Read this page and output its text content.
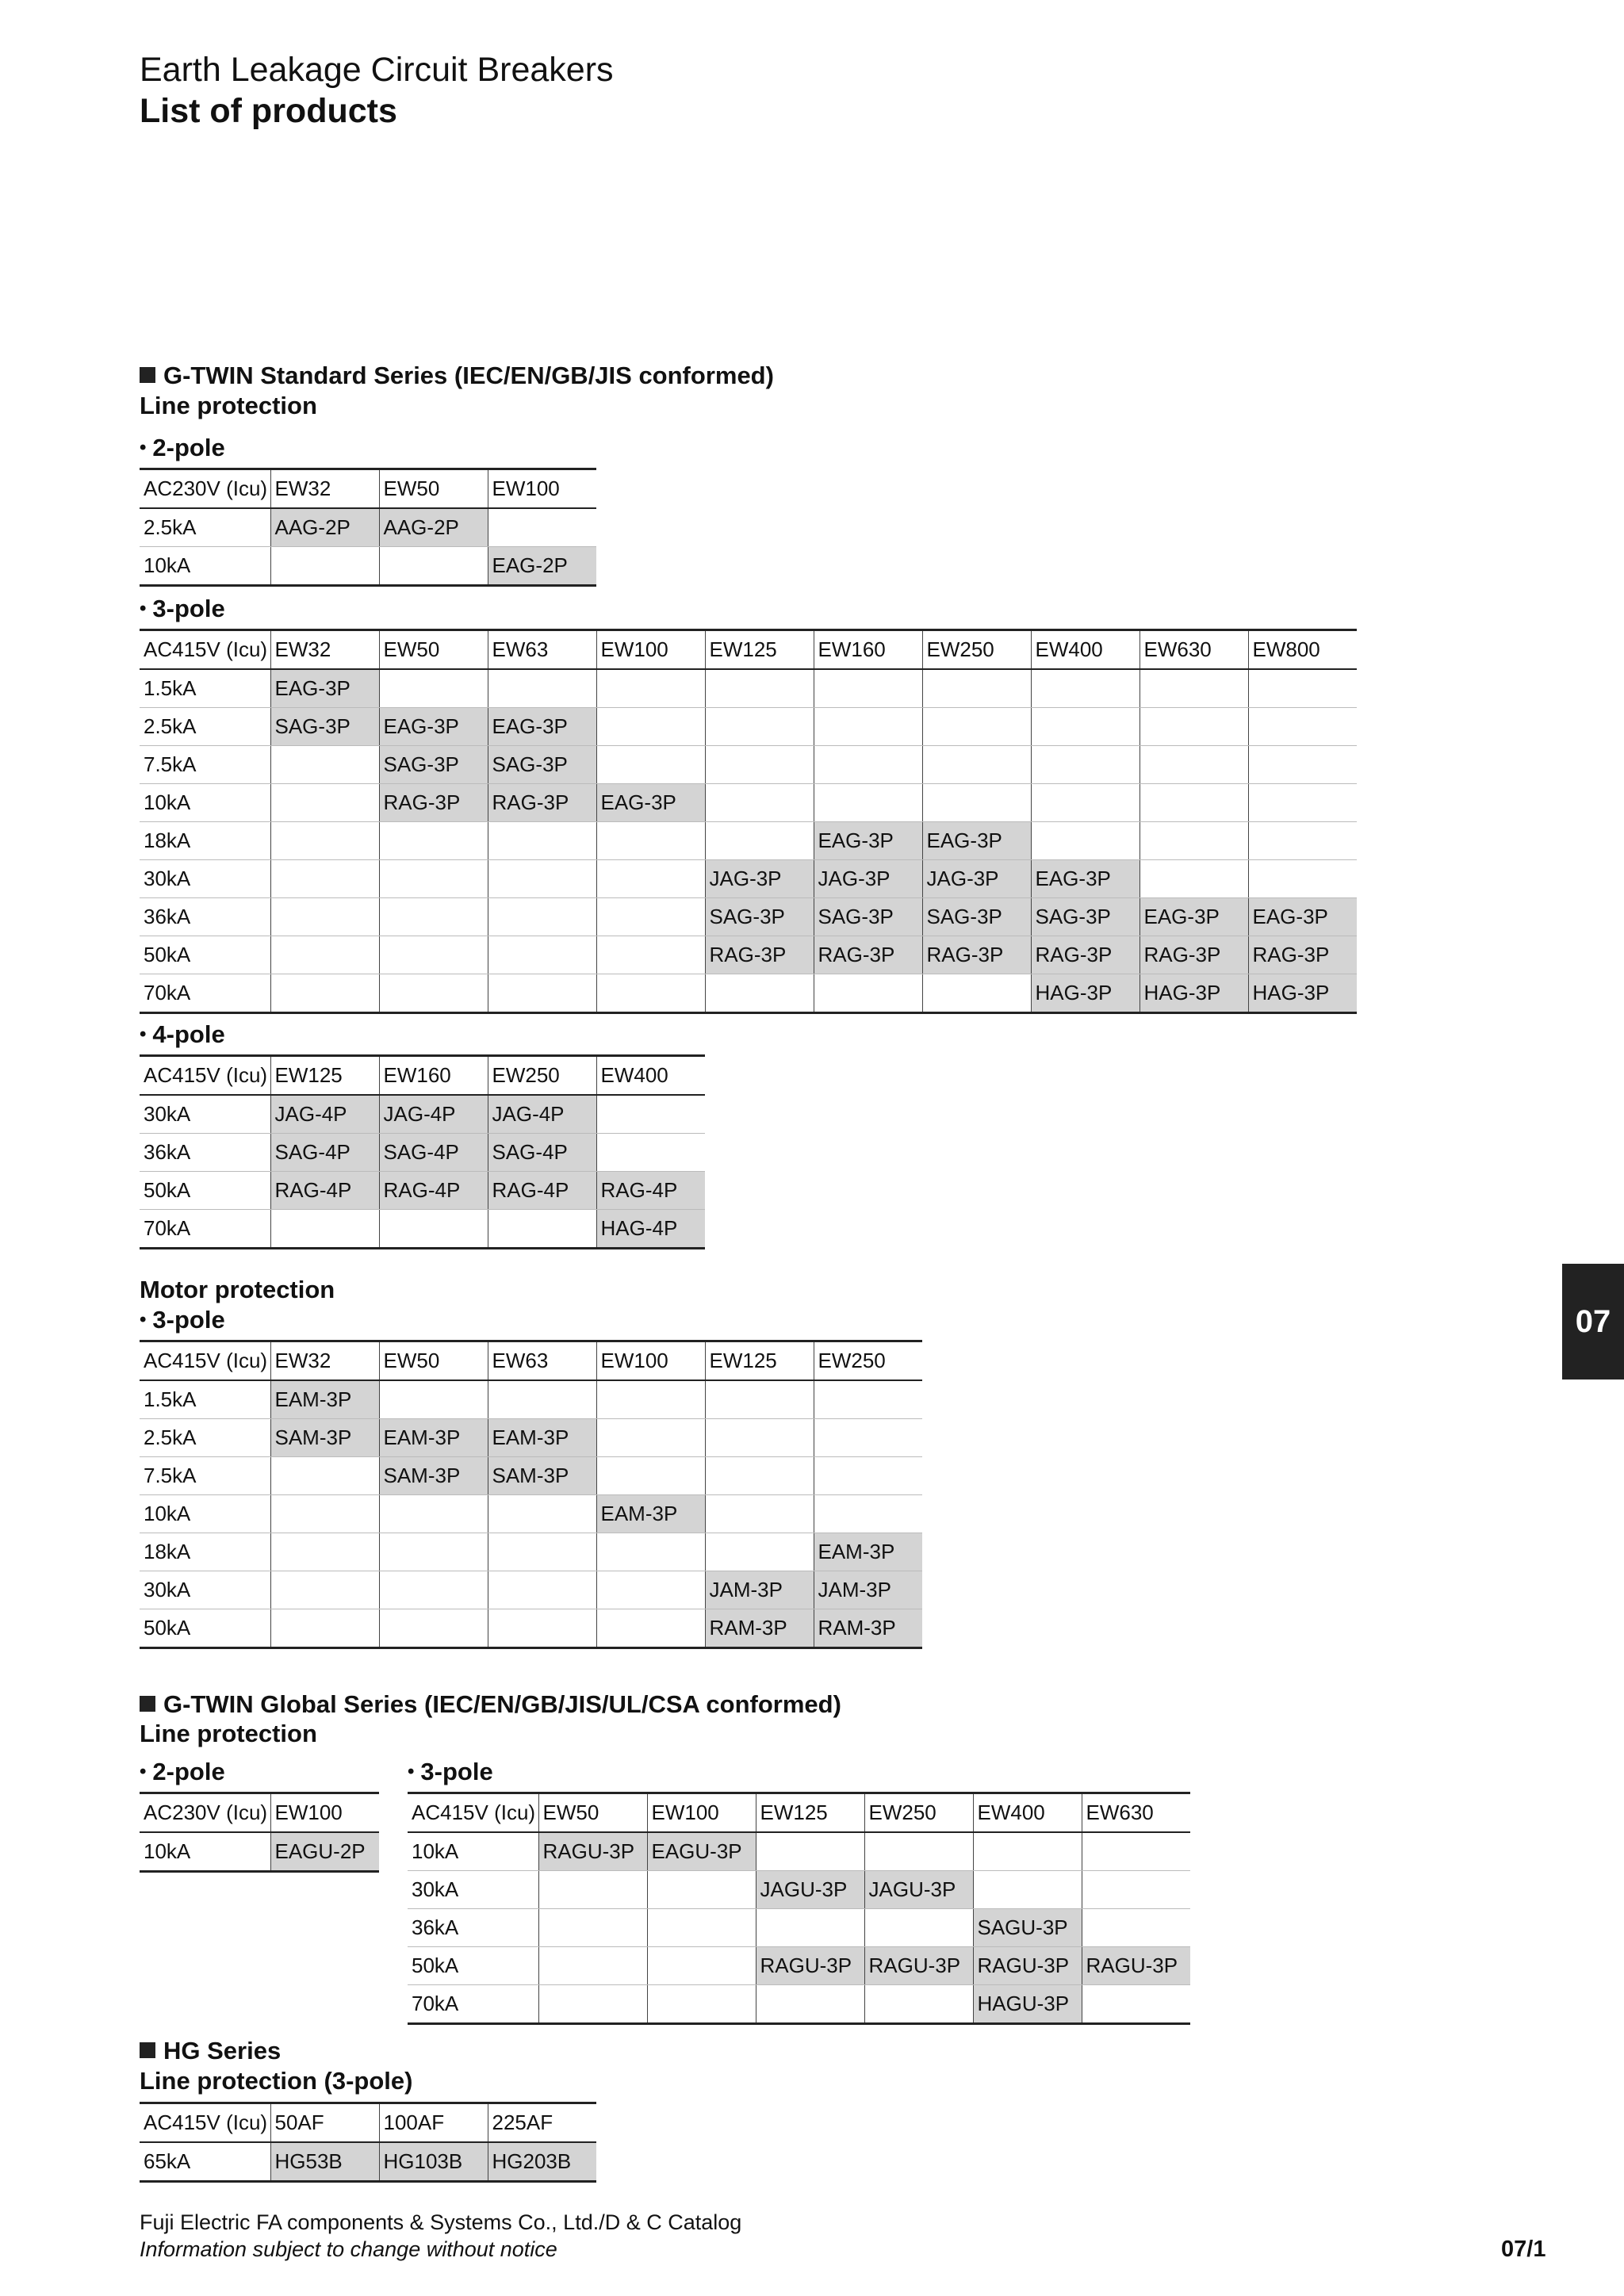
Earth Leakage Circuit Breakers
List of products
G-TWIN Standard Series (IEC/EN/GB/JIS conformed)
Line protection
• 2-pole
AC230V (Icu)	EW32	EW50	EW100
2.5kA	AAG-2P	AAG-2P	
10kA			EAG-2P
• 3-pole
AC415V (Icu)	EW32	EW50	EW63	EW100	EW125	EW160	EW250	EW400	EW630	EW800
1.5kA	EAG-3P									
2.5kA	SAG-3P	EAG-3P	EAG-3P							
7.5kA		SAG-3P	SAG-3P							
10kA		RAG-3P	RAG-3P	EAG-3P						
18kA						EAG-3P	EAG-3P			
30kA					JAG-3P	JAG-3P	JAG-3P	EAG-3P		
36kA					SAG-3P	SAG-3P	SAG-3P	SAG-3P	EAG-3P	EAG-3P
50kA					RAG-3P	RAG-3P	RAG-3P	RAG-3P	RAG-3P	RAG-3P
70kA								HAG-3P	HAG-3P	HAG-3P
• 4-pole
AC415V (Icu)	EW125	EW160	EW250	EW400
30kA	JAG-4P	JAG-4P	JAG-4P	
36kA	SAG-4P	SAG-4P	SAG-4P	
50kA	RAG-4P	RAG-4P	RAG-4P	RAG-4P
70kA				HAG-4P
Motor protection
• 3-pole
AC415V (Icu)	EW32	EW50	EW63	EW100	EW125	EW250
1.5kA	EAM-3P					
2.5kA	SAM-3P	EAM-3P	EAM-3P			
7.5kA		SAM-3P	SAM-3P			
10kA				EAM-3P		
18kA						EAM-3P
30kA					JAM-3P	JAM-3P
50kA					RAM-3P	RAM-3P
G-TWIN Global Series (IEC/EN/GB/JIS/UL/CSA conformed)
Line protection
• 2-pole
AC230V (Icu)	EW100
10kA	EAGU-2P
• 3-pole
AC415V (Icu)	EW50	EW100	EW125	EW250	EW400	EW630
10kA	RAGU-3P	EAGU-3P				
30kA			JAGU-3P	JAGU-3P		
36kA					SAGU-3P	
50kA			RAGU-3P	RAGU-3P	RAGU-3P	RAGU-3P
70kA					HAGU-3P	
HG Series
Line protection (3-pole)
AC415V (Icu)	50AF	100AF	225AF
65kA	HG53B	HG103B	HG203B
07
Fuji Electric FA components & Systems Co., Ltd./D & C Catalog
Information subject to change without notice	07/1
